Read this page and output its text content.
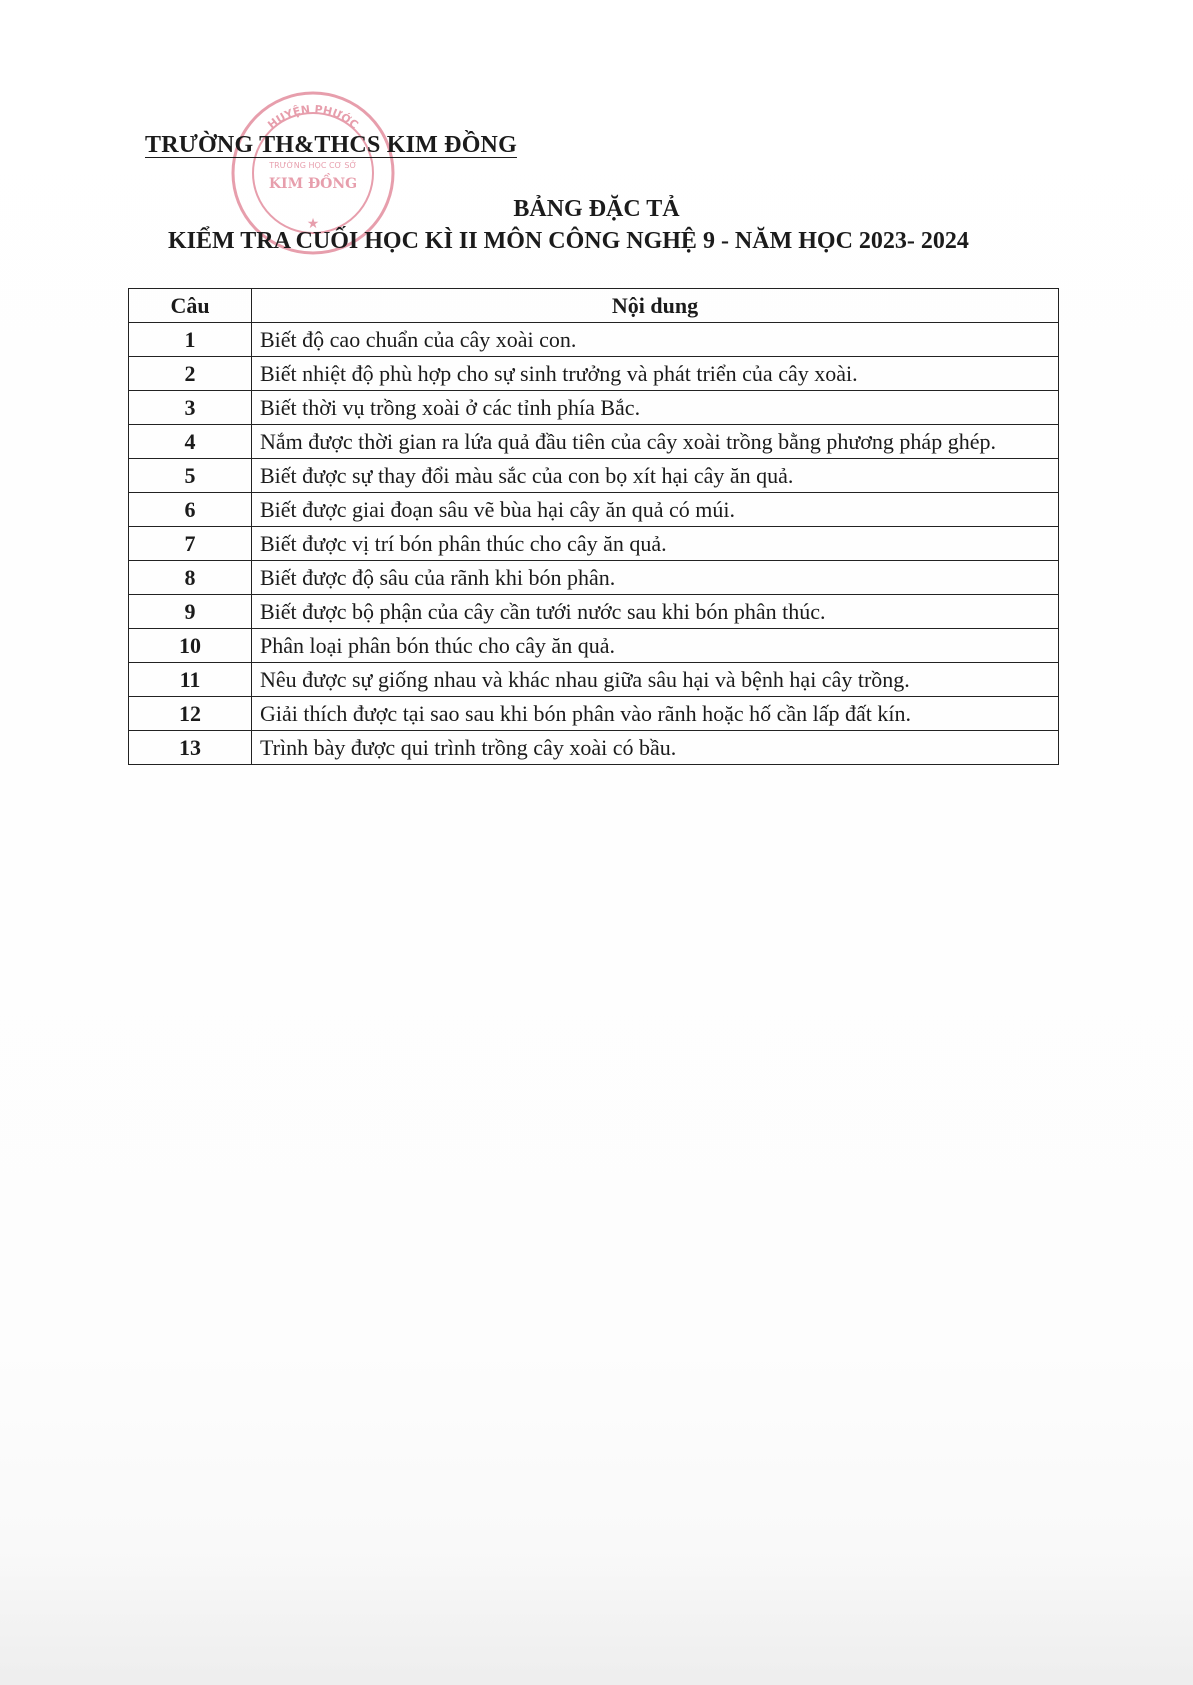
HUYỆN PHƯỚC
TRƯỜNG HỌC CƠ SỞ
KIM ĐỒNG
★
TRƯỜNG TH&THCS KIM ĐỒNG
BẢNG ĐẶC TẢ
KIỂM TRA CUỐI HỌC KÌ II MÔN CÔNG NGHỆ 9 - NĂM HỌC 2023- 2024
Câu	Nội dung
1	Biết độ cao chuẩn của cây xoài con.
2	Biết nhiệt độ phù hợp cho sự sinh trưởng và phát triển của cây xoài.
3	Biết thời vụ trồng xoài ở các tỉnh phía Bắc.
4	Nắm được thời gian ra lứa quả đầu tiên của cây xoài trồng bằng phương pháp ghép.
5	Biết được sự thay đổi màu sắc của con bọ xít hại cây ăn quả.
6	Biết được giai đoạn sâu vẽ bùa hại cây ăn quả có múi.
7	Biết được vị trí bón phân thúc cho cây ăn quả.
8	Biết được độ sâu của rãnh khi bón phân.
9	Biết được bộ phận của cây cần tưới nước sau khi bón phân thúc.
10	Phân loại phân bón thúc cho cây ăn quả.
11	Nêu được sự giống nhau và khác nhau giữa sâu hại và bệnh hại cây trồng.
12	Giải thích được tại sao sau khi bón phân vào rãnh hoặc hố cần lấp đất kín.
13	Trình bày được qui trình trồng cây xoài có bầu.
